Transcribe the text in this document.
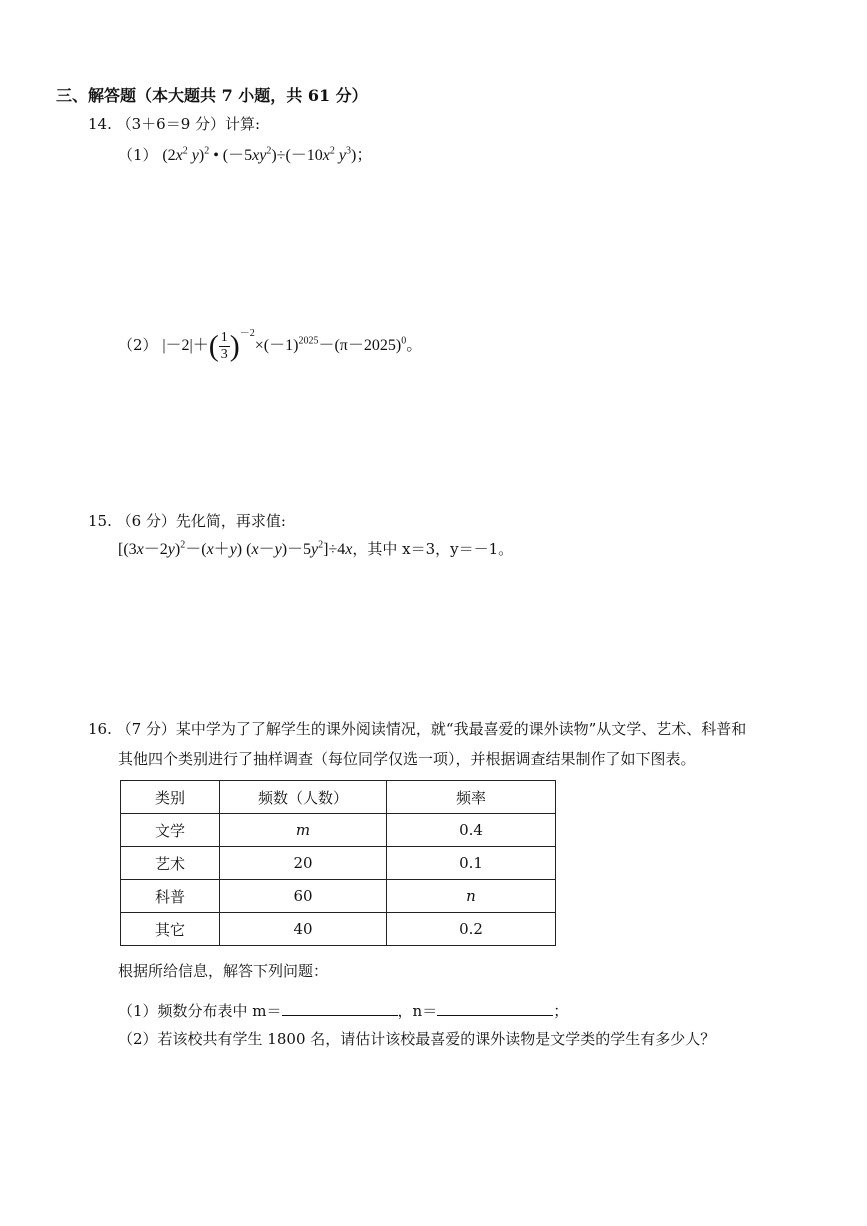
三、解答题（本大题共 7 小题，共 61 分）
14. （3＋6＝9 分）计算:
（1） ($2x^2$ y)$^2$ • $(-5xy^2)\div(-10x^2$ $y^3$)；
（2） $|-2|+( \frac{1}{3} )^{-2}\times(-1)^{2025}-(\pi-2025)^0$。
15. （6 分）先化简，再求值:
[$(3x-2y)^2-(x+y)$ $(x-y)-5y^2]\div 4x$，其中 x＝3，y＝－1。
16. （7 分）某中学为了了解学生的课外阅读情况，就“我最喜爱的课外读物”从文学、艺术、科普和
其他四个类别进行了抽样调查（每位同学仅选一项），并根据调查结果制作了如下图表。
类别	频数（人数）	频率
文学	m	0.4
艺术	20	0.1
科普	60	n
其它	40	0.2
根据所给信息，解答下列问题：
（1）频数分布表中 m＝	，n＝	；
（2）若该校共有学生 1800 名，请估计该校最喜爱的课外读物是文学类的学生有多少人？
